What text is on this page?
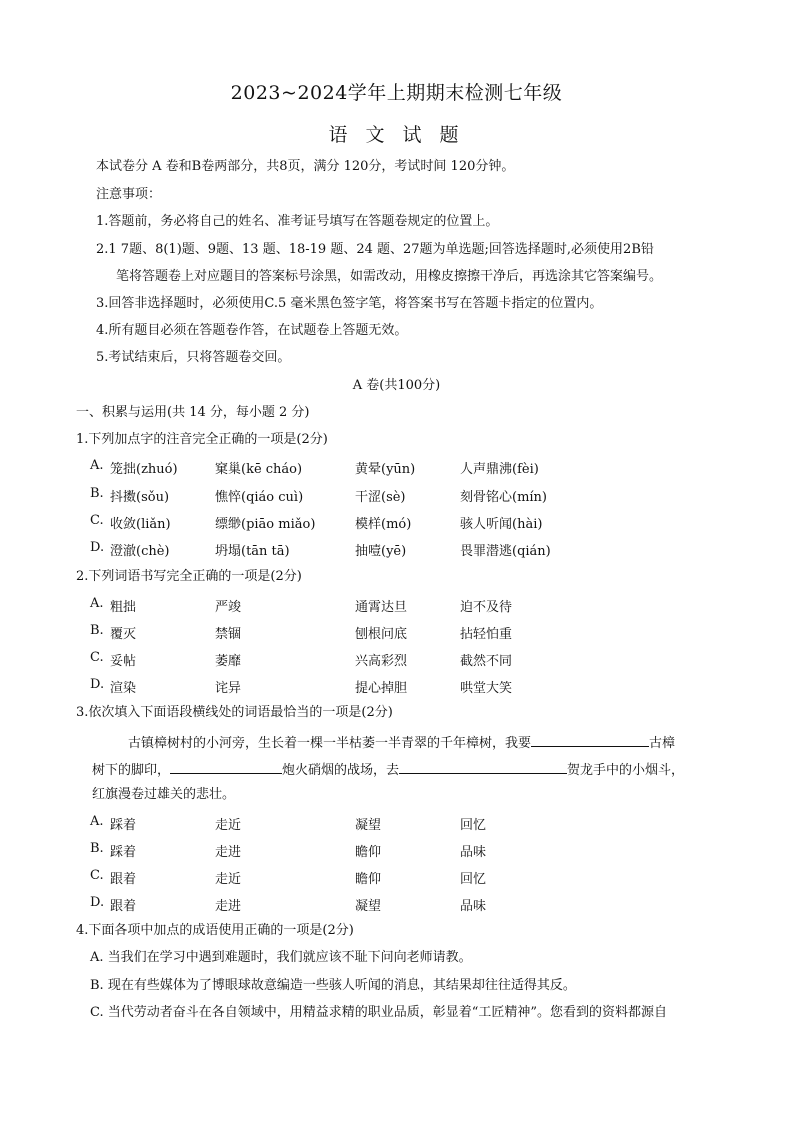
2023~2024学年上期期末检测七年级
语 文 试 题
本试卷分 A 卷和B卷两部分，共8页，满分 120分，考试时间 120分钟。
注意事项：
1.答题前，务必将自己的姓名、准考证号填写在答题卷规定的位置上。
2.1 7题、8(1)题、9题、13 题、18-19 题、24 题、27题为单选题;回答选择题时,必须使用2B铅
笔将答题卷上对应题目的答案标号涂黑，如需改动，用橡皮擦擦干净后，再选涂其它答案编号。
3.回答非选择题时，必须使用C.5 毫米黑色签字笔，将答案书写在答题卡指定的位置内。
4.所有题目必须在答题卷作答，在试题卷上答题无效。
5.考试结束后，只将答题卷交回。
A 卷(共100分)
一、积累与运用(共 14 分，每小题 2 分)
1.下列加点字的注音完全正确的一项是(2分)
A. 笼拙(zhuó)	窠巢(kē cháo)	黄晕(yūn)	人声鼎沸(fèi)
B. 抖擞(sǒu)	憔悴(qiáo cuì)	干涩(sè)	刻骨铭心(mín)
C. 收敛(liǎn)	缥缈(piāo miǎo)	模样(mó)	骇人听闻(hài)
D. 澄澈(chè)	坍塌(tān tā)	抽噎(yē)	畏罪潜逃(qián)
2.下列词语书写完全正确的一项是(2分)
A. 粗拙	严竣	通霄达旦	迫不及待
B. 覆灭	禁锢	刨根问底	拈轻怕重
C. 妥帖	萎靡	兴高彩烈	截然不同
D. 渲染	诧异	提心掉胆	哄堂大笑
3.依次填入下面语段横线处的词语最恰当的一项是(2分)
古镇樟树村的小河旁，生长着一棵一半枯萎一半青翠的千年樟树，我要	古樟
树下的脚印，	炮火硝烟的战场，去	贺龙手中的小烟斗，
红旗漫卷过雄关的悲壮。
A. 踩着	走近	凝望	回忆
B. 踩着	走进	瞻仰	品味
C. 跟着	走近	瞻仰	回忆
D. 跟着	走进	凝望	品味
4.下面各项中加点的成语使用正确的一项是(2分)
A. 当我们在学习中遇到难题时，我们就应该不耻下问向老师请教。
B. 现在有些媒体为了博眼球故意编造一些骇人听闻的消息，其结果却往往适得其反。
C. 当代劳动者奋斗在各自领域中，用精益求精的职业品质，彰显着“工匠精神”。您看到的资料都源自
